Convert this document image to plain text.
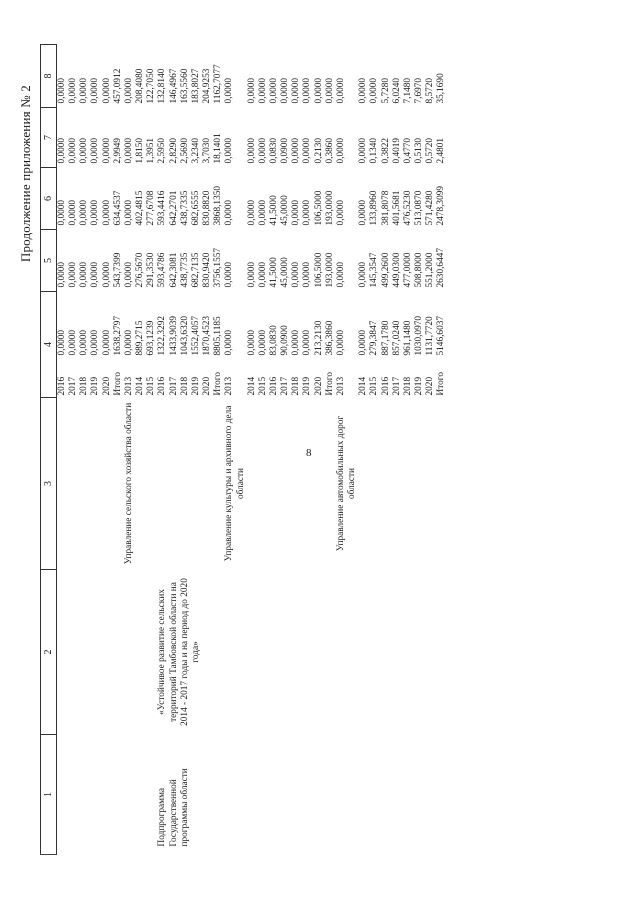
8
Продолжение приложения № 2
1	2	3	4		5	6	7	8
			2016	0,0000	0,0000	0,0000	0,0000	0,0000
			2017	0,0000	0,0000	0,0000	0,0000	0,0000
			2018	0,0000	0,0000	0,0000	0,0000	0,0000
			2019	0,0000	0,0000	0,0000	0,0000	0,0000
			2020	0,0000	0,0000	0,0000	0,0000	0,0000
			Итого	1638,2797	543,7399	634,4537	2,9949	457,0912
		Управление сельского хозяйства области	2013	0,0000	0,0000	0,0000	0,0000	0,0000
			2014	889,2715	276,5670	402,4815	1,8150	208,4080
			2015	693,1239	291,3530	277,6708	1,3951	122,7050
Подпрограмма Государственной программы области	«Устойчивое развитие сельских территорий Тамбовской области на 2014 - 2017 годы и на период до 2020 года»		2016	1322,3292	593,4786	593,4416	2,5950	132,8140
			2017	1433,9039	642,3081	642,2701	2,8290	146,4967
			2018	1043,6320	438,7735	438,7335	2,5690	163,5560
			2019	1552,4057	682,7135	682,6555	3,2340	183,8027
			2020	1870,4523	830,9420	830,8820	3,7030	204,9253
			Итого	8805,1185	3756,1557	3868,1350	18,1401	1162,7077
		Управление культуры и архивного дела области	2013	0,0000	0,0000	0,0000	0,0000	0,0000
			2014	0,0000	0,0000	0,0000	0,0000	0,0000
			2015	0,0000	0,0000	0,0000	0,0000	0,0000
			2016	83,0830	41,5000	41,5000	0,0830	0,0000
			2017	90,0900	45,0000	45,0000	0,0900	0,0000
			2018	0,0000	0,0000	0,0000	0,0000	0,0000
			2019	0,0000	0,0000	0,0000	0,0000	0,0000
			2020	213,2130	106,5000	106,5000	0,2130	0,0000
			Итого	386,3860	193,0000	193,0000	0,3860	0,0000
		Управление автомобильных дорог области	2013	0,0000	0,0000	0,0000	0,0000	0,0000
			2014	0,0000	0,0000	0,0000	0,0000	0,0000
			2015	279,3847	145,3547	133,8960	0,1340	0,0000
			2016	887,1780	499,2600	381,8078	0,3822	5,7280
			2017	857,0240	449,0300	401,5681	0,4019	6,0240
			2018	961,1480	477,0000	476,5230	0,4770	7,1480
			2019	1030,0970	508,8000	513,0870	0,5130	7,6970
			2020	1131,7720	551,2000	571,4280	0,5720	8,5720
			Итого	5146,6037	2630,6447	2478,3099	2,4801	35,1690
